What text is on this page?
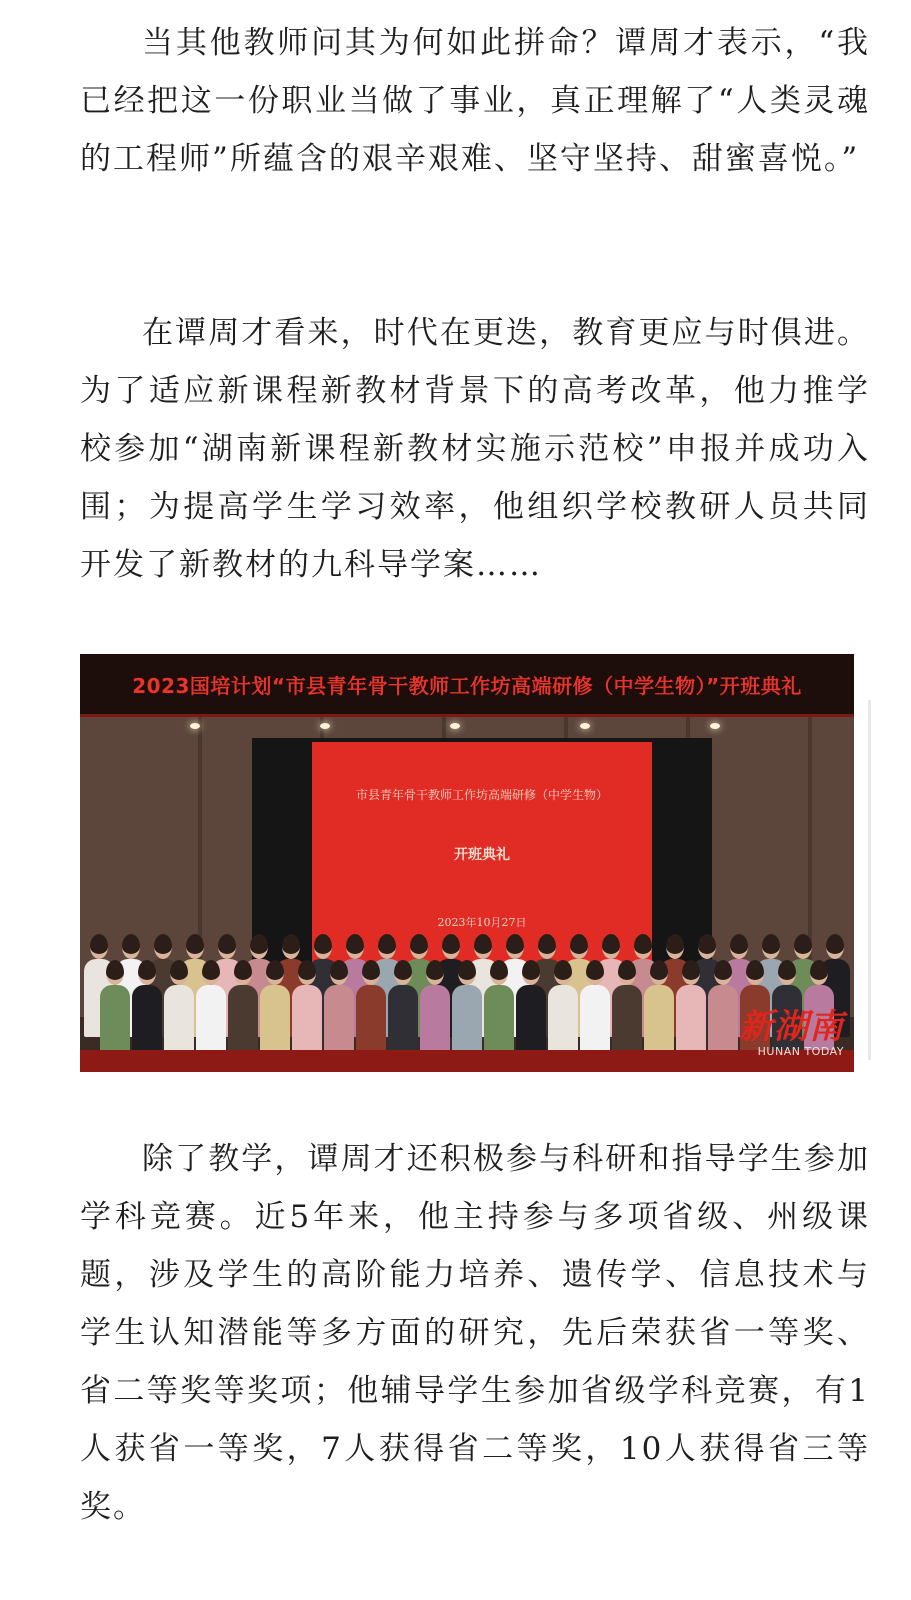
当其他教师问其为何如此拼命？谭周才表示，“我已经把这一份职业当做了事业，真正理解了“人类灵魂的工程师”所蕴含的艰辛艰难、坚守坚持、甜蜜喜悦。”

在谭周才看来，时代在更迭，教育更应与时俱进。为了适应新课程新教材背景下的高考改革，他力推学校参加“湖南新课程新教材实施示范校”申报并成功入围；为提高学生学习效率，他组织学校教研人员共同开发了新教材的九科导学案……

2023国培计划“市县青年骨干教师工作坊高端研修（中学生物）”开班典礼
市县青年骨干教师工作坊高端研修（中学生物）
开班典礼
2023年10月27日
新湖南
HUNAN TODAY

除了教学，谭周才还积极参与科研和指导学生参加学科竞赛。近5年来，他主持参与多项省级、州级课题，涉及学生的高阶能力培养、遗传学、信息技术与学生认知潜能等多方面的研究，先后荣获省一等奖、省二等奖等奖项；他辅导学生参加省级学科竞赛，有1人获省一等奖，7人获得省二等奖，10人获得省三等奖。
